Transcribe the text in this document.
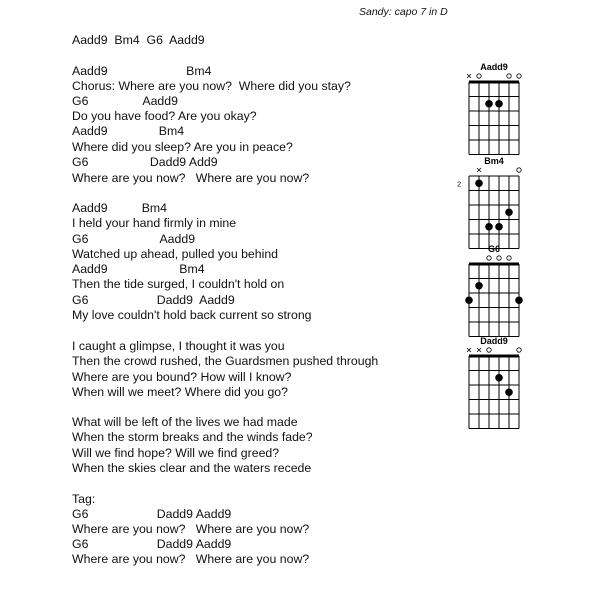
Sandy: capo 7 in D
Aadd9  Bm4  G6  Aadd9
Aadd9                       Bm4
Chorus: Where are you now?  Where did you stay?
G6                Aadd9
Do you have food? Are you okay?
Aadd9               Bm4
Where did you sleep? Are you in peace?
G6                  Dadd9 Add9
Where are you now?   Where are you now?
Aadd9          Bm4
I held your hand firmly in mine
G6                     Aadd9
Watched up ahead, pulled you behind
Aadd9                     Bm4
Then the tide surged, I couldn't hold on
G6                    Dadd9  Aadd9
My love couldn't hold back current so strong
I caught a glimpse, I thought it was you
Then the crowd rushed, the Guardsmen pushed through
Where are you bound? How will I know?
When will we meet? Where did you go?
What will be left of the lives we had made
When the storm breaks and the winds fade?
Will we find hope? Will we find greed?
When the skies clear and the waters recede
Tag:
G6                    Dadd9 Aadd9
Where are you now?   Where are you now?
G6                    Dadd9 Aadd9
Where are you now?   Where are you now?
Aadd9
Bm4
2
G6
Dadd9
